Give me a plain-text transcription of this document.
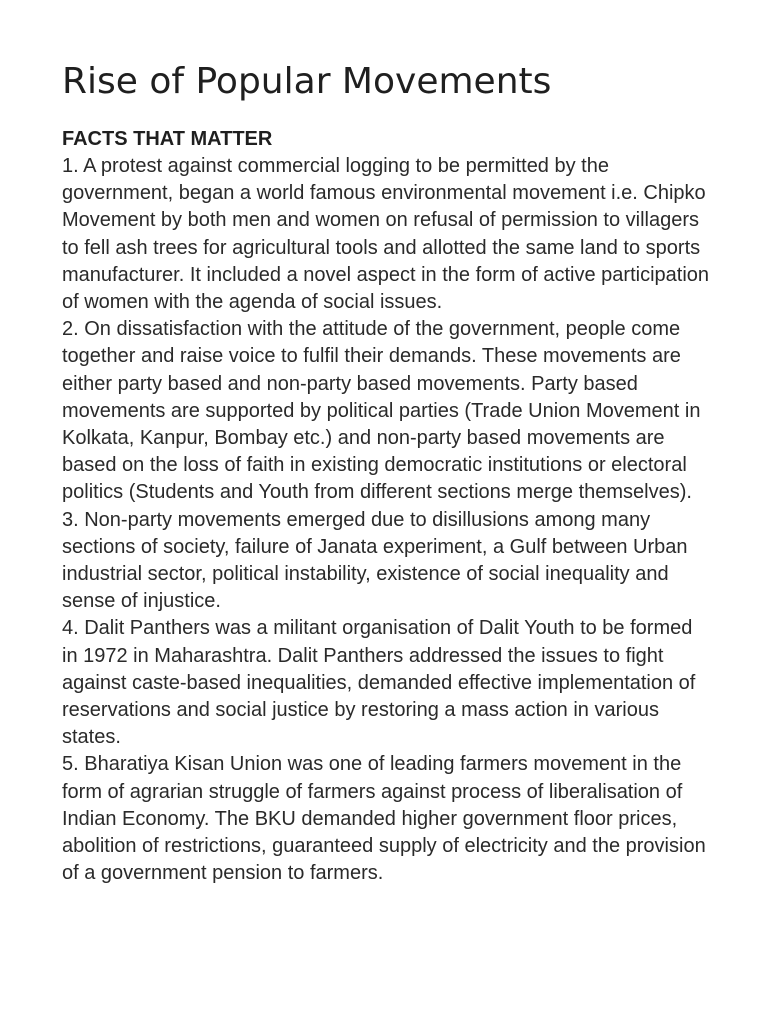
Rise of Popular Movements
FACTS THAT MATTER

1. A protest against commercial logging to be permitted by the government, began a world famous environmental movement i.e. Chipko Movement by both men and women on refusal of permission to villagers to fell ash trees for agricultural tools and allotted the same land to sports manufacturer. It included a novel aspect in the form of active participation of women with the agenda of social issues.

2. On dissatisfaction with the attitude of the government, people come together and raise voice to fulfil their demands. These movements are either party based and non-party based movements. Party based movements are supported by political parties (Trade Union Movement in Kolkata, Kanpur, Bombay etc.) and non-party based movements are based on the loss of faith in existing democratic institutions or electoral politics (Students and Youth from different sections merge themselves).

3. Non-party movements emerged due to disillusions among many sections of society, failure of Janata experiment, a Gulf between Urban industrial sector, political instability, existence of social inequality and sense of injustice.

4. Dalit Panthers was a militant organisation of Dalit Youth to be formed in 1972 in Maharashtra. Dalit Panthers addressed the issues to fight against caste-based inequalities, demanded effective implementation of reservations and social justice by restoring a mass action in various states.

5. Bharatiya Kisan Union was one of leading farmers movement in the form of agrarian struggle of farmers against process of liberalisation of Indian Economy. The BKU demanded higher government floor prices, abolition of restrictions, guaranteed supply of electricity and the provision of a government pension to farmers.
